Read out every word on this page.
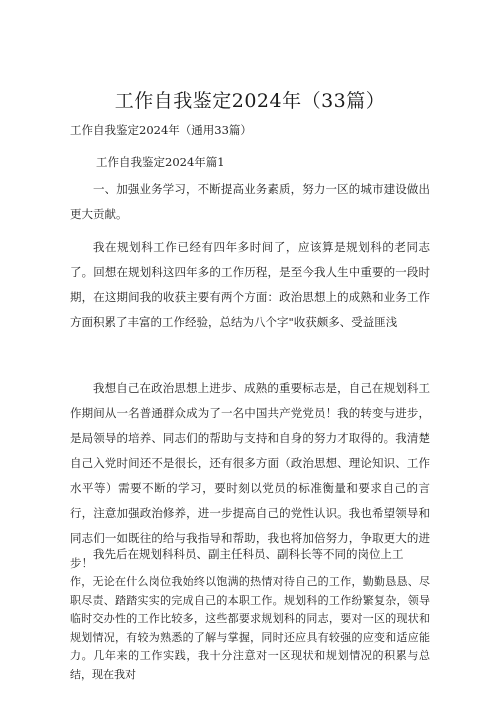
工作自我鉴定2024年（33篇）
工作自我鉴定2024年（通用33篇）
工作自我鉴定2024年篇1
一、加强业务学习，不断提高业务素质，努力一区的城市建设做出更大贡献。
我在规划科工作已经有四年多时间了，应该算是规划科的老同志了。回想在规划科这四年多的工作历程，是至今我人生中重要的一段时期，在这期间我的收获主要有两个方面：政治思想上的成熟和业务工作方面积累了丰富的工作经验，总结为八个字"收获颇多、受益匪浅
我想自己在政治思想上进步、成熟的重要标志是，自己在规划科工作期间从一名普通群众成为了一名中国共产党党员！我的转变与进步，是局领导的培养、同志们的帮助与支持和自身的努力才取得的。我清楚自己入党时间还不是很长，还有很多方面（政治思想、理论知识、工作水平等）需要不断的学习，要时刻以党员的标准衡量和要求自己的言行，注意加强政治修养，进一步提高自己的党性认识。我也希望领导和同志们一如既往的给与我指导和帮助，我也将加倍努力，争取更大的进步！
我先后在规划科科员、副主任科员、副科长等不同的岗位上工
作，无论在什么岗位我始终以饱满的热情对待自己的工作，勤勤恳恳、尽职尽责、踏踏实实的完成自己的本职工作。规划科的工作纷繁复杂，领导临时交办性的工作比较多，这些都要求规划科的同志，要对一区的现状和规划情况，有较为熟悉的了解与掌握，同时还应具有较强的应变和适应能力。几年来的工作实践，我十分注意对一区现状和规划情况的积累与总结，现在我对
